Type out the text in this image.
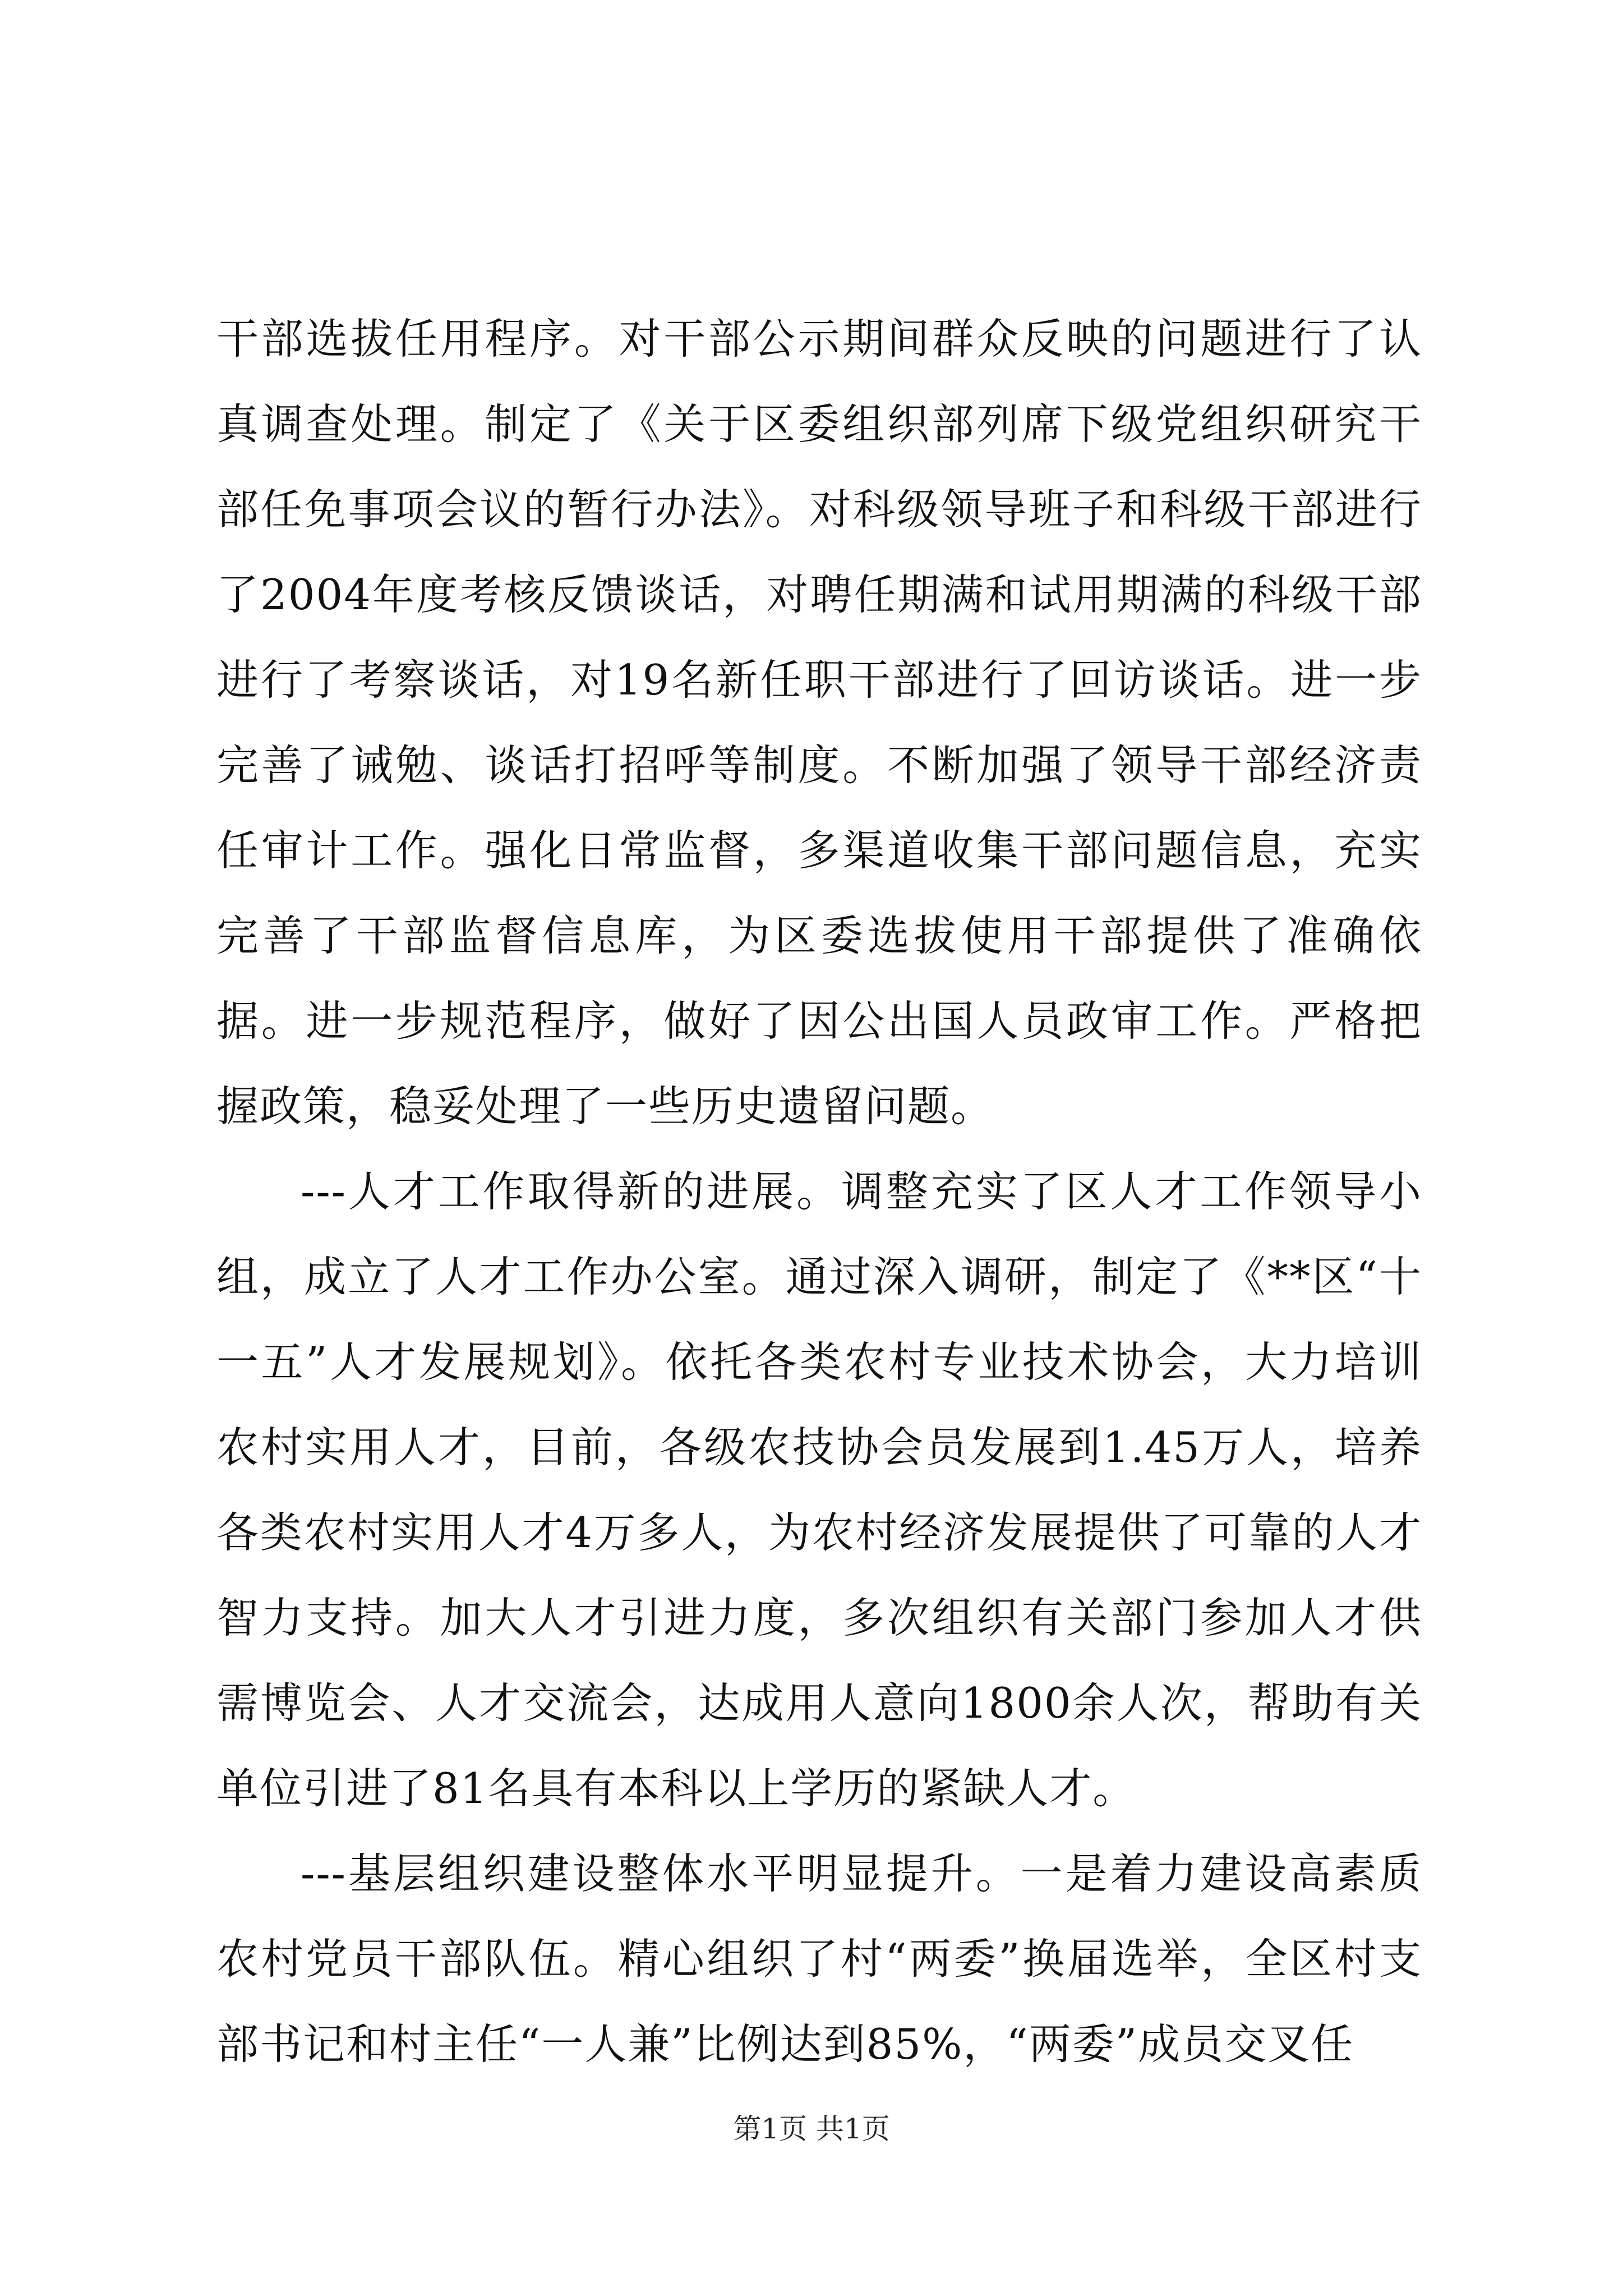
干部选拔任用程序。对干部公示期间群众反映的问题进行了认真调查处理。制定了《关于区委组织部列席下级党组织研究干部任免事项会议的暂行办法》。对科级领导班子和科级干部进行了2004年度考核反馈谈话，对聘任期满和试用期满的科级干部进行了考察谈话，对19名新任职干部进行了回访谈话。进一步完善了诫勉、谈话打招呼等制度。不断加强了领导干部经济责任审计工作。强化日常监督，多渠道收集干部问题信息，充实完善了干部监督信息库，为区委选拔使用干部提供了准确依据。进一步规范程序，做好了因公出国人员政审工作。严格把握政策，稳妥处理了一些历史遗留问题。

---人才工作取得新的进展。调整充实了区人才工作领导小组，成立了人才工作办公室。通过深入调研，制定了《**区“十一五”人才发展规划》。依托各类农村专业技术协会，大力培训农村实用人才，目前，各级农技协会员发展到1.45万人，培养各类农村实用人才4万多人，为农村经济发展提供了可靠的人才智力支持。加大人才引进力度，多次组织有关部门参加人才供需博览会、人才交流会，达成用人意向1800余人次，帮助有关单位引进了81名具有本科以上学历的紧缺人才。

---基层组织建设整体水平明显提升。一是着力建设高素质农村党员干部队伍。精心组织了村“两委”换届选举，全区村支部书记和村主任“一人兼”比例达到85%，“两委”成员交叉任

第1页 共1页
